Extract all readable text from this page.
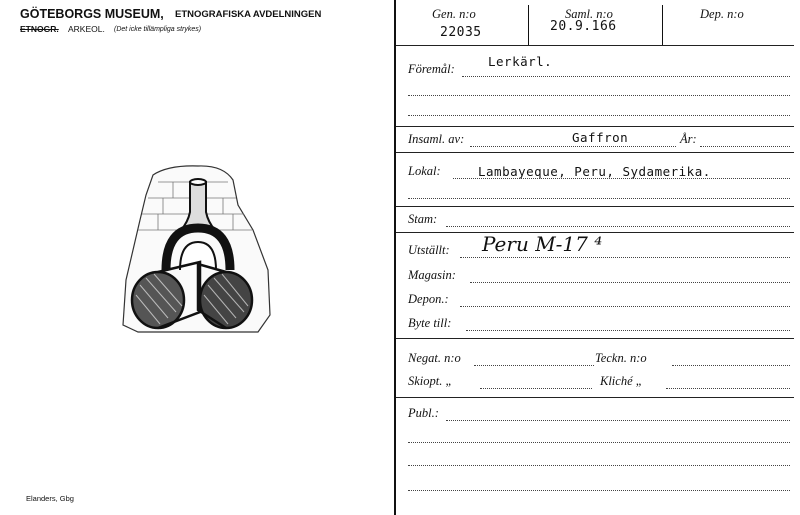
GÖTEBORGS MUSEUM, ETNOGRAFISKA AVDELNINGEN
ETNOGR. ARKEOL. (Det icke tillämpliga strykes)
Elanders, Gbg
Gen. n:o
22035
Saml. n:o
20.9.166
Dep. n:o
Föremål:	Lerkärl.
Insaml. av:	Gaffron	År:
Lokal:	Lambayeque, Peru, Sydamerika.
Stam:
Utställt: Peru M-17 ⁴
Magasin:
Depon.:
Byte till:
Negat. n:o	Teckn. n:o
Skiopt. „	Kliché „
Publ.:
